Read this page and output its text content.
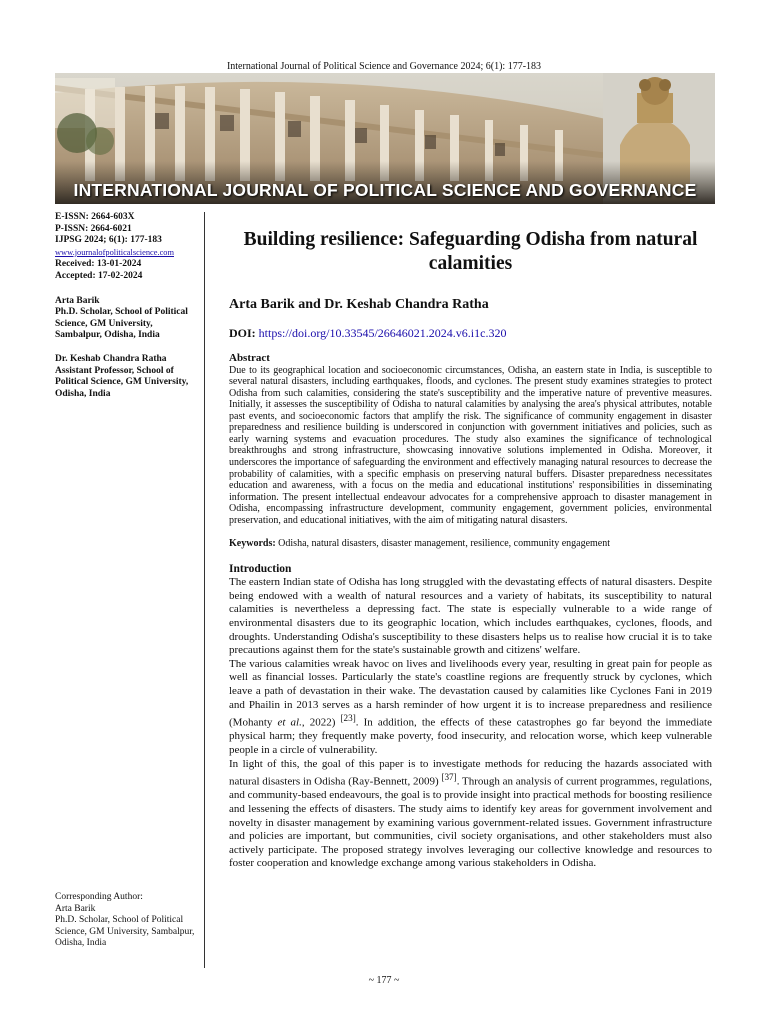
International Journal of Political Science and Governance 2024; 6(1): 177-183
INTERNATIONAL JOURNAL OF POLITICAL SCIENCE AND GOVERNANCE
E-ISSN: 2664-603X
P-ISSN: 2664-6021
IJPSG 2024; 6(1): 177-183
www.journalofpoliticalscience.com
Received: 13-01-2024
Accepted: 17-02-2024
Arta Barik
Ph.D. Scholar, School of Political Science, GM University, Sambalpur, Odisha, India
Dr. Keshab Chandra Ratha
Assistant Professor, School of Political Science, GM University, Odisha, India
Building resilience: Safeguarding Odisha from natural calamities
Arta Barik and Dr. Keshab Chandra Ratha
DOI: https://doi.org/10.33545/26646021.2024.v6.i1c.320
Abstract
Due to its geographical location and socioeconomic circumstances, Odisha, an eastern state in India, is susceptible to several natural disasters, including earthquakes, floods, and cyclones. The present study examines strategies to protect Odisha from such calamities, considering the state's susceptibility and the imperative nature of preventive measures. Initially, it assesses the susceptibility of Odisha to natural calamities by analysing the area's physical attributes, notable past events, and socioeconomic factors that amplify the risk. The significance of community engagement in disaster preparedness and resilience building is underscored in conjunction with government initiatives and policies, such as early warning systems and evacuation procedures. The study also examines the significance of technological breakthroughs and strong infrastructure, showcasing innovative solutions implemented in Odisha. Moreover, it underscores the importance of safeguarding the environment and effectively managing natural resources to decrease the probability of calamities, with a specific emphasis on preserving natural buffers. Disaster preparedness necessitates education and awareness, with a focus on the media and educational institutions' responsibilities in disseminating information. The present intellectual endeavour advocates for a comprehensive approach to disaster management in Odisha, encompassing infrastructure development, community engagement, government policies, environmental preservation, and educational initiatives, with the aim of mitigating natural disasters.
Keywords: Odisha, natural disasters, disaster management, resilience, community engagement
Introduction

The eastern Indian state of Odisha has long struggled with the devastating effects of natural disasters. Despite being endowed with a wealth of natural resources and a variety of habitats, its susceptibility to natural calamities is nevertheless a depressing fact. The state is especially vulnerable to a wide range of environmental disasters due to its geographic location, which includes earthquakes, cyclones, floods, and droughts. Understanding Odisha's susceptibility to these disasters helps us to realise how crucial it is to take precautions against them for the state's sustainable growth and citizens' welfare.

The various calamities wreak havoc on lives and livelihoods every year, resulting in great pain for people as well as financial losses. Particularly the state's coastline regions are frequently struck by cyclones, which leave a path of devastation in their wake. The devastation caused by calamities like Cyclones Fani in 2019 and Phailin in 2013 serves as a harsh reminder of how urgent it is to increase preparedness and resilience (Mohanty et al., 2022) [23]. In addition, the effects of these catastrophes go far beyond the immediate physical harm; they frequently make poverty, food insecurity, and relocation worse, which keep vulnerable people in a circle of vulnerability.

In light of this, the goal of this paper is to investigate methods for reducing the hazards associated with natural disasters in Odisha (Ray-Bennett, 2009) [37]. Through an analysis of current programmes, regulations, and community-based endeavours, the goal is to provide insight into practical methods for boosting resilience and lessening the effects of disasters. The study aims to identify key areas for government involvement and novelty in disaster management by examining various government-related issues. Government infrastructure and policies are important, but communities, civil society organisations, and other stakeholders must also actively participate. The proposed strategy involves leveraging our collective knowledge and resources to foster cooperation and knowledge exchange among various stakeholders in Odisha.

Corresponding Author:
Arta Barik
Ph.D. Scholar, School of Political Science, GM University, Sambalpur, Odisha, India
~ 177 ~
